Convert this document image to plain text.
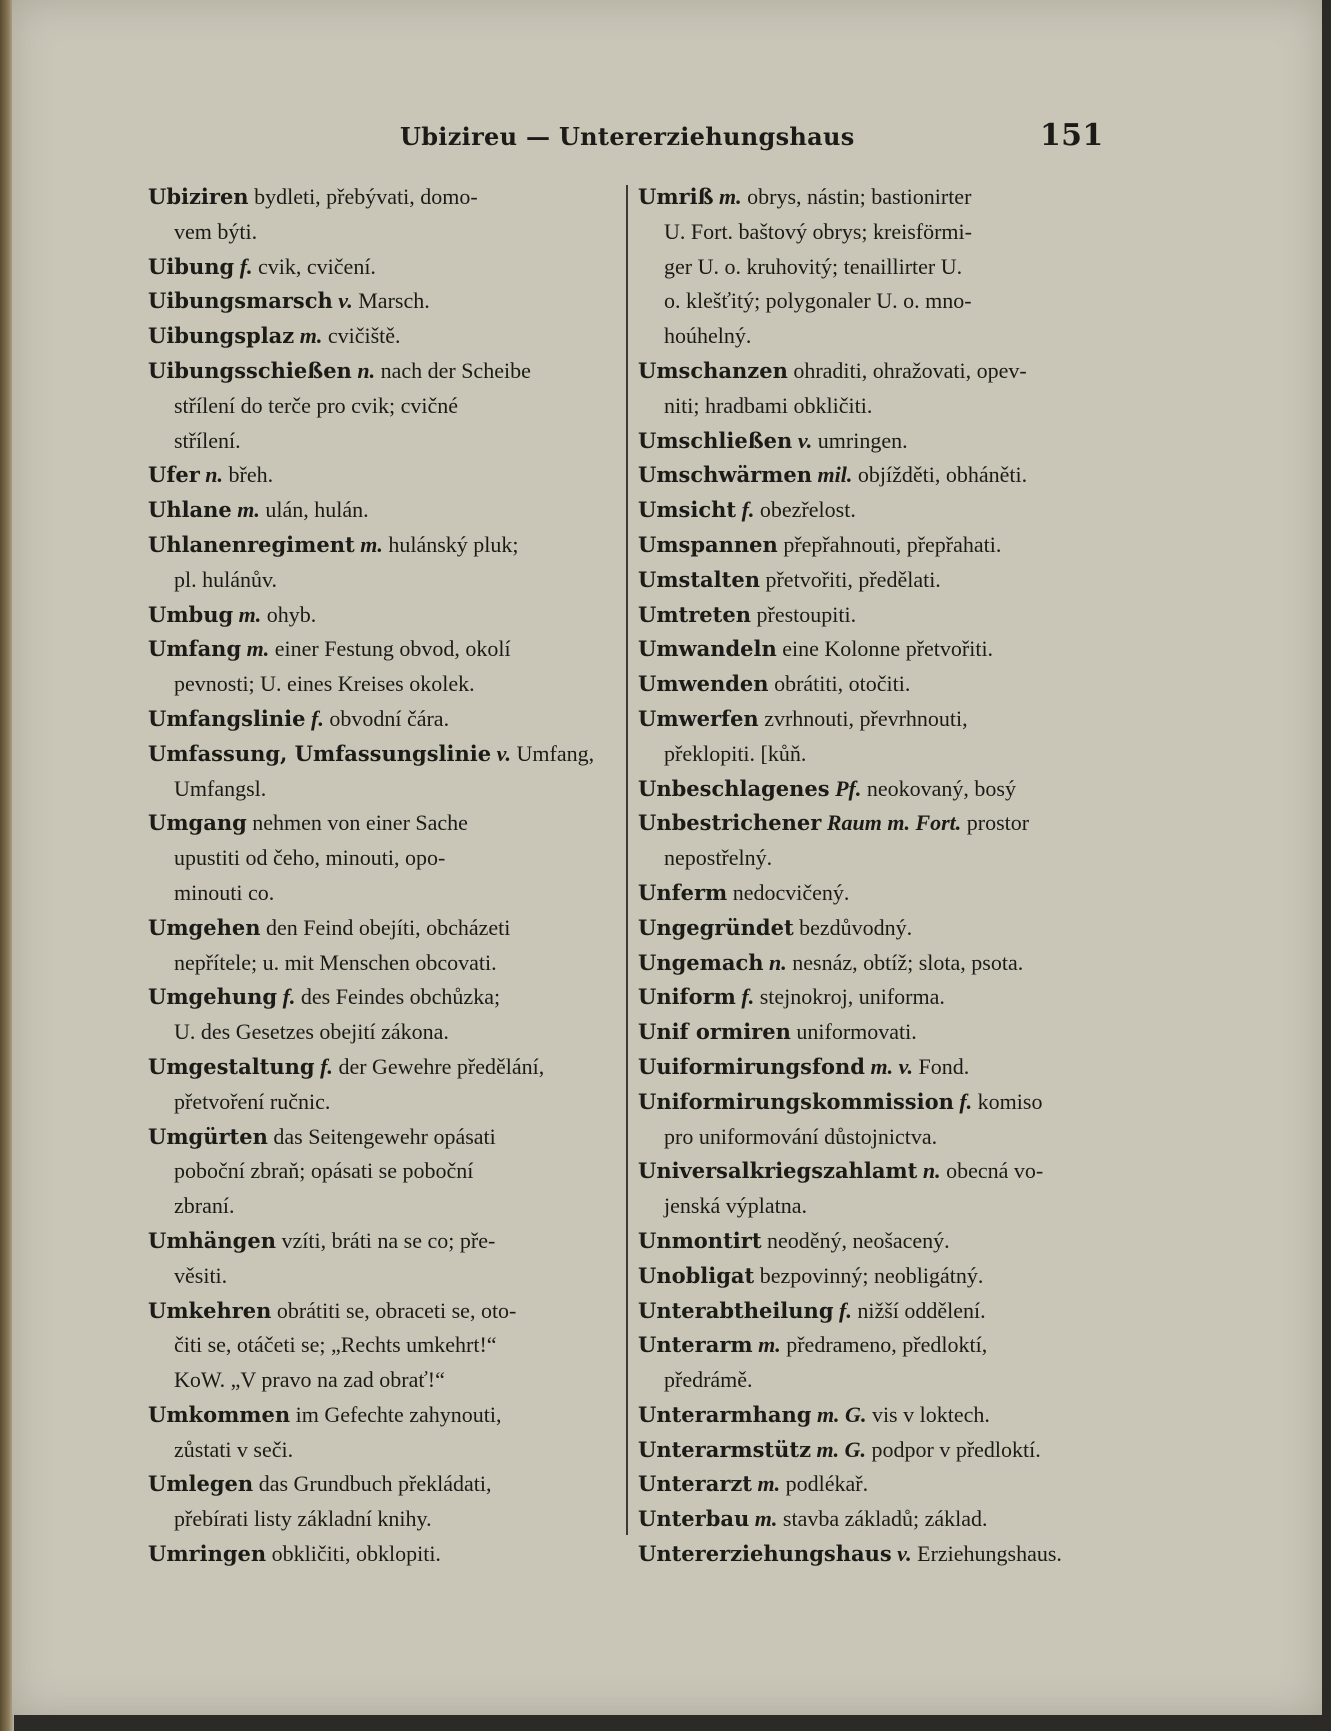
Ubizireu — Untererziehungshaus	151
Ubiziren bydleti, přebývati, domo-
vem býti.
Uibung f. cvik, cvičení.
Uibungsmarsch v. Marsch.
Uibungsplaz m. cvičiště.
Uibungsschießen n. nach der Scheibe
střílení do terče pro cvik; cvičné
střílení.
Ufer n. břeh.
Uhlane m. ulán, hulán.
Uhlanenregiment m. hulánský pluk;
pl. hulánův.
Umbug m. ohyb.
Umfang m. einer Festung obvod, okolí
pevnosti; U. eines Kreises okolek.
Umfangslinie f. obvodní čára.
Umfassung, Umfassungslinie v. Umfang,
Umfangsl.
Umgang nehmen von einer Sache
upustiti od čeho, minouti, opo-
minouti co.
Umgehen den Feind obejíti, obcházeti
nepřítele; u. mit Menschen obcovati.
Umgehung f. des Feindes obchůzka;
U. des Gesetzes obejití zákona.
Umgestaltung f. der Gewehre předělání,
přetvoření ručnic.
Umgürten das Seitengewehr opásati
poboční zbraň; opásati se poboční
zbraní.
Umhängen vzíti, bráti na se co; pře-
věsiti.
Umkehren obrátiti se, obraceti se, oto-
čiti se, otáčeti se; „Rechts umkehrt!“
KoW. „V pravo na zad obrať!“
Umkommen im Gefechte zahynouti,
zůstati v seči.
Umlegen das Grundbuch překládati,
přebírati listy základní knihy.
Umringen obkličiti, obklopiti.
Umriß m. obrys, nástin; bastionirter
U. Fort. baštový obrys; kreisförmi-
ger U. o. kruhovitý; tenaillirter U.
o. klešťitý; polygonaler U. o. mno-
hoúhelný.
Umschanzen ohraditi, ohražovati, opev-
niti; hradbami obkličiti.
Umschließen v. umringen.
Umschwärmen mil. objížděti, obháněti.
Umsicht f. obezřelost.
Umspannen přepřahnouti, přepřahati.
Umstalten přetvořiti, předělati.
Umtreten přestoupiti.
Umwandeln eine Kolonne přetvořiti.
Umwenden obrátiti, otočiti.
Umwerfen zvrhnouti, převrhnouti,
překlopiti. [kůň.
Unbeschlagenes Pf. neokovaný, bosý
Unbestrichener Raum m. Fort. prostor
nepostřelný.
Unferm nedocvičený.
Ungegründet bezdůvodný.
Ungemach n. nesnáz, obtíž; slota, psota.
Uniform f. stejnokroj, uniforma.
Unif ormiren uniformovati.
Uuiformirungsfond m. v. Fond.
Uniformirungskommission f. komiso
pro uniformování důstojnictva.
Universalkriegszahlamt n. obecná vo-
jenská výplatna.
Unmontirt neoděný, neošacený.
Unobligat bezpovinný; neobligátný.
Unterabtheilung f. nižší oddělení.
Unterarm m. předrameno, předloktí,
předrámě.
Unterarmhang m. G. vis v loktech.
Unterarmstütz m. G. podpor v předloktí.
Unterarzt m. podlékař.
Unterbau m. stavba základů; základ.
Untererziehungshaus v. Erziehungshaus.
